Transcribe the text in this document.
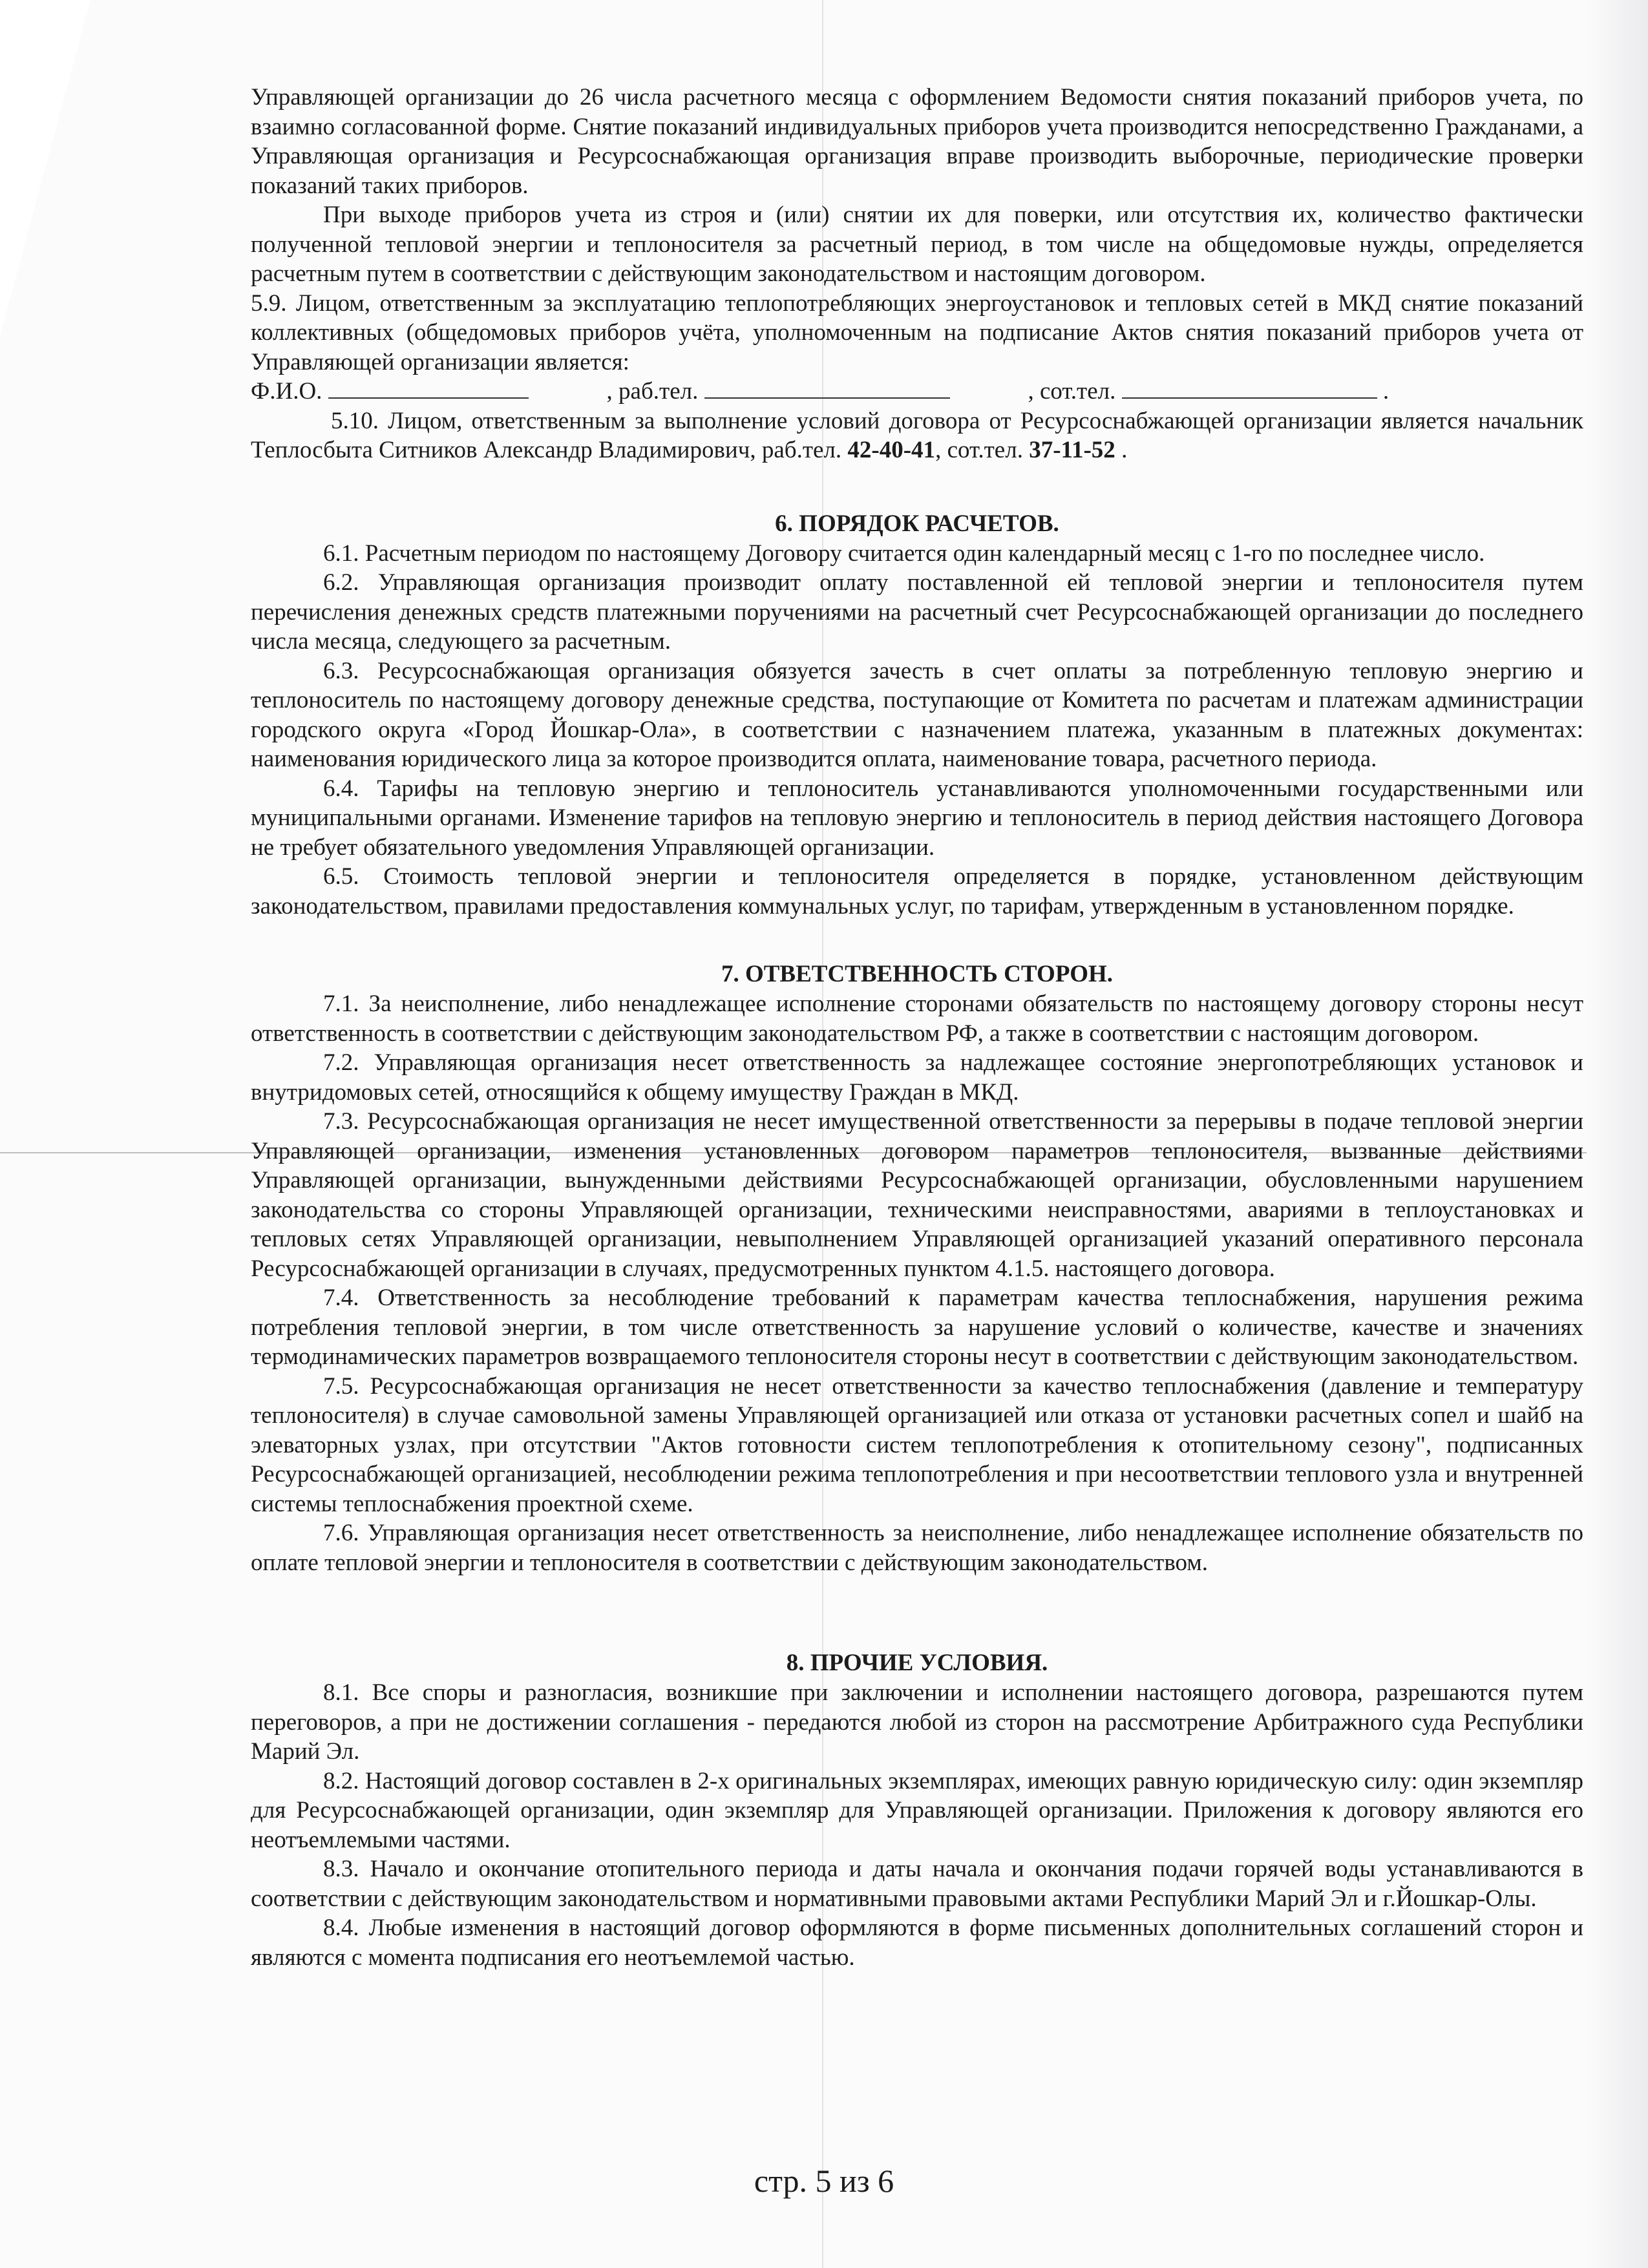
Управляющей организации до 26 числа расчетного месяца с оформлением Ведомости снятия показаний приборов учета, по взаимно согласованной форме. Снятие показаний индивидуальных приборов учета производится непосредственно Гражданами, а Управляющая организация и Ресурсоснабжающая организация вправе производить выборочные, периодические проверки показаний таких приборов.

При выходе приборов учета из строя и (или) снятии их для поверки, или отсутствия их, количество фактически полученной тепловой энергии и теплоносителя за расчетный период, в том числе на общедомовые нужды, определяется расчетным путем в соответствии с действующим законодательством и настоящим договором.

5.9. Лицом, ответственным за эксплуатацию теплопотребляющих энергоустановок и тепловых сетей в МКД снятие показаний коллективных (общедомовых приборов учёта, уполномоченным на подписание Актов снятия показаний приборов учета от Управляющей организации является:

Ф.И.О.	, раб.тел.	, сот.тел.	.

5.10. Лицом, ответственным за выполнение условий договора от Ресурсоснабжающей организации является начальник Теплосбыта Ситников Александр Владимирович, раб.тел. 42-40-41, сот.тел. 37-11-52 .

6. ПОРЯДОК РАСЧЕТОВ.

6.1. Расчетным периодом по настоящему Договору считается один календарный месяц с 1-го по последнее число.

6.2. Управляющая организация производит оплату поставленной ей тепловой энергии и теплоносителя путем перечисления денежных средств платежными поручениями на расчетный счет Ресурсоснабжающей организации до последнего числа месяца, следующего за расчетным.

6.3. Ресурсоснабжающая организация обязуется зачесть в счет оплаты за потребленную тепловую энергию и теплоноситель по настоящему договору денежные средства, поступающие от Комитета по расчетам и платежам администрации городского округа «Город Йошкар-Ола», в соответствии с назначением платежа, указанным в платежных документах: наименования юридического лица за которое производится оплата, наименование товара, расчетного периода.

6.4. Тарифы на тепловую энергию и теплоноситель устанавливаются уполномоченными государственными или муниципальными органами. Изменение тарифов на тепловую энергию и теплоноситель в период действия настоящего Договора не требует обязательного уведомления Управляющей организации.

6.5. Стоимость тепловой энергии и теплоносителя определяется в порядке, установленном действующим законодательством, правилами предоставления коммунальных услуг, по тарифам, утвержденным в установленном порядке.

7. ОТВЕТСТВЕННОСТЬ СТОРОН.

7.1. За неисполнение, либо ненадлежащее исполнение сторонами обязательств по настоящему договору стороны несут ответственность в соответствии с действующим законодательством РФ, а также в соответствии с настоящим договором.

7.2. Управляющая организация несет ответственность за надлежащее состояние энергопотребляющих установок и внутридомовых сетей, относящийся к общему имуществу Граждан в МКД.

7.3. Ресурсоснабжающая организация не несет имущественной ответственности за перерывы в подаче тепловой энергии Управляющей организации, изменения установленных договором параметров теплоносителя, вызванные действиями Управляющей организации, вынужденными действиями Ресурсоснабжающей организации, обусловленными нарушением законодательства со стороны Управляющей организации, техническими неисправностями, авариями в теплоустановках и тепловых сетях Управляющей организации, невыполнением Управляющей организацией указаний оперативного персонала Ресурсоснабжающей организации в случаях, предусмотренных пунктом 4.1.5. настоящего договора.

7.4. Ответственность за несоблюдение требований к параметрам качества теплоснабжения, нарушения режима потребления тепловой энергии, в том числе ответственность за нарушение условий о количестве, качестве и значениях термодинамических параметров возвращаемого теплоносителя стороны несут в соответствии с действующим законодательством.

7.5. Ресурсоснабжающая организация не несет ответственности за качество теплоснабжения (давление и температуру теплоносителя) в случае самовольной замены Управляющей организацией или отказа от установки расчетных сопел и шайб на элеваторных узлах, при отсутствии "Актов готовности систем теплопотребления к отопительному сезону", подписанных Ресурсоснабжающей организацией, несоблюдении режима теплопотребления и при несоответствии теплового узла и внутренней системы теплоснабжения проектной схеме.

7.6. Управляющая организация несет ответственность за неисполнение, либо ненадлежащее исполнение обязательств по оплате тепловой энергии и теплоносителя в соответствии с действующим законодательством.

8. ПРОЧИЕ УСЛОВИЯ.

8.1. Все споры и разногласия, возникшие при заключении и исполнении настоящего договора, разрешаются путем переговоров, а при не достижении соглашения - передаются любой из сторон на рассмотрение Арбитражного суда Республики Марий Эл.

8.2. Настоящий договор составлен в 2-х оригинальных экземплярах, имеющих равную юридическую силу: один экземпляр для Ресурсоснабжающей организации, один экземпляр для Управляющей организации. Приложения к договору являются его неотъемлемыми частями.

8.3. Начало и окончание отопительного периода и даты начала и окончания подачи горячей воды устанавливаются в соответствии с действующим законодательством и нормативными правовыми актами Республики Марий Эл и г.Йошкар-Олы.

8.4. Любые изменения в настоящий договор оформляются в форме письменных дополнительных соглашений сторон и являются с момента подписания его неотъемлемой частью.

стр. 5 из 6
